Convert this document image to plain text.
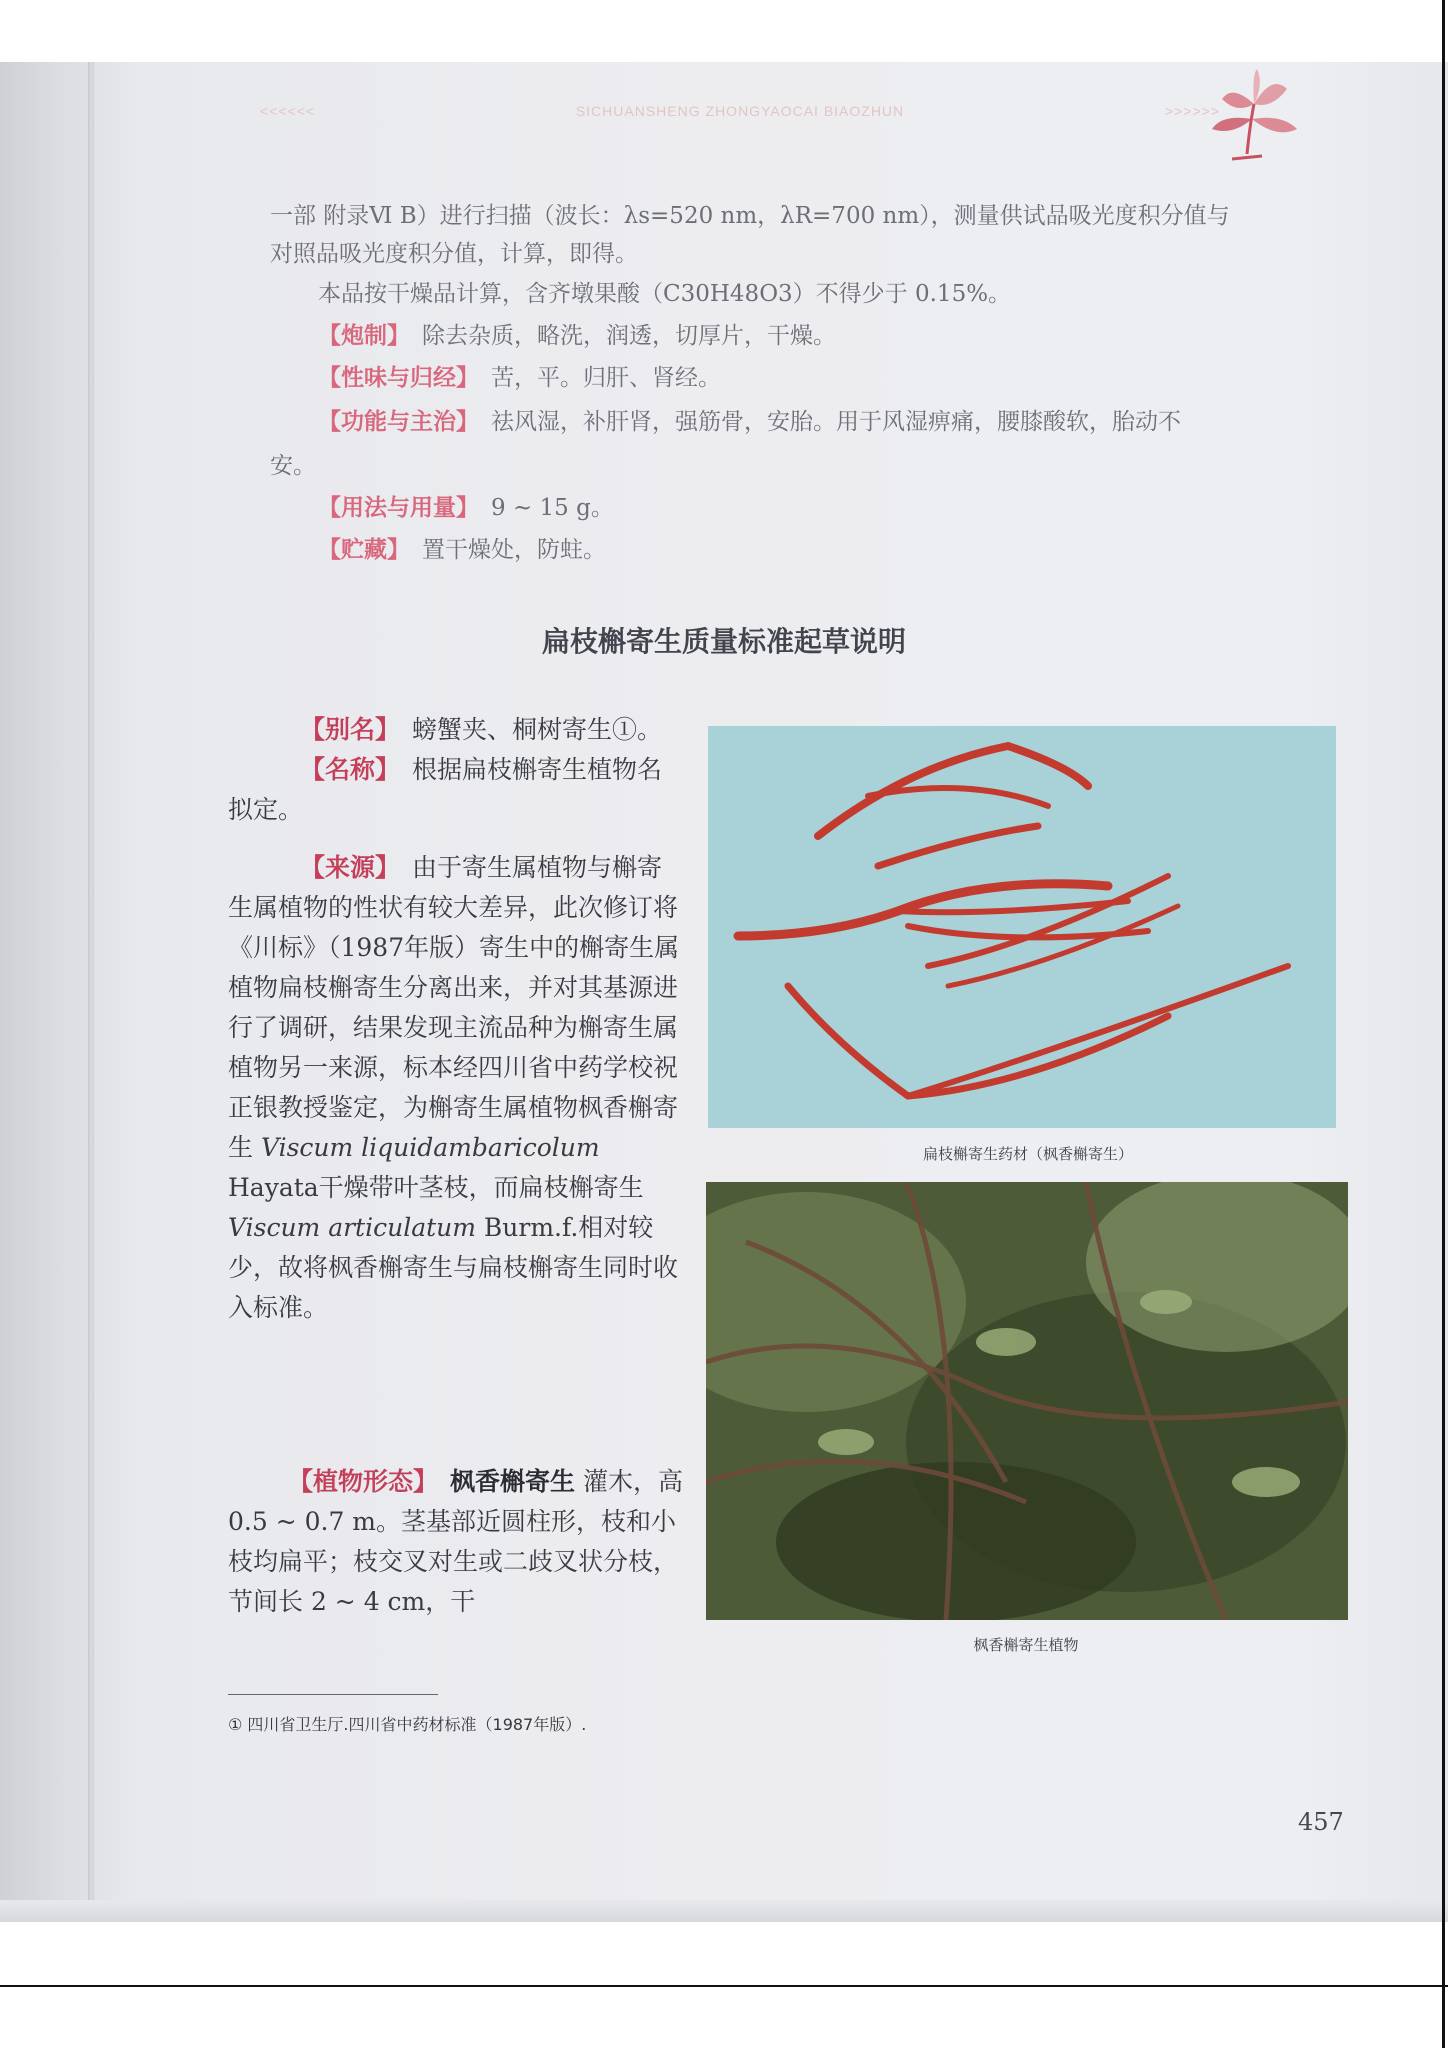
<<<<<<	SICHUANSHENG ZHONGYAOCAI BIAOZHUN	>>>>>>

一部 附录Ⅵ B）进行扫描（波长：λs=520 nm，λR=700 nm），测量供试品吸光度积分值与

对照品吸光度积分值，计算，即得。

本品按干燥品计算，含齐墩果酸（C30H48O3）不得少于 0.15%。

【炮制】 除去杂质，略洗，润透，切厚片，干燥。

【性味与归经】 苦，平。归肝、肾经。

【功能与主治】 祛风湿，补肝肾，强筋骨，安胎。用于风湿痹痛，腰膝酸软，胎动不

安。

【用法与用量】 9 ~ 15 g。

【贮藏】 置干燥处，防蛀。

扁枝槲寄生质量标准起草说明

【别名】 螃蟹夹、桐树寄生①。

【名称】 根据扁枝槲寄生植物名拟定。

【来源】 由于寄生属植物与槲寄生属植物的性状有较大差异，此次修订将《川标》（1987年版）寄生中的槲寄生属植物扁枝槲寄生分离出来，并对其基源进行了调研，结果发现主流品种为槲寄生属植物另一来源，标本经四川省中药学校祝正银教授鉴定，为槲寄生属植物枫香槲寄生 Viscum liquidambaricolum Hayata干燥带叶茎枝，而扁枝槲寄生 Viscum articulatum Burm.f.相对较少，故将枫香槲寄生与扁枝槲寄生同时收入标准。

【植物形态】 枫香槲寄生 灌木，高 0.5 ~ 0.7 m。茎基部近圆柱形，枝和小枝均扁平；枝交叉对生或二歧叉状分枝，节间长 2 ~ 4 cm，干

扁枝槲寄生药材（枫香槲寄生）
枫香槲寄生植物
① 四川省卫生厅.四川省中药材标准（1987年版）.
457
